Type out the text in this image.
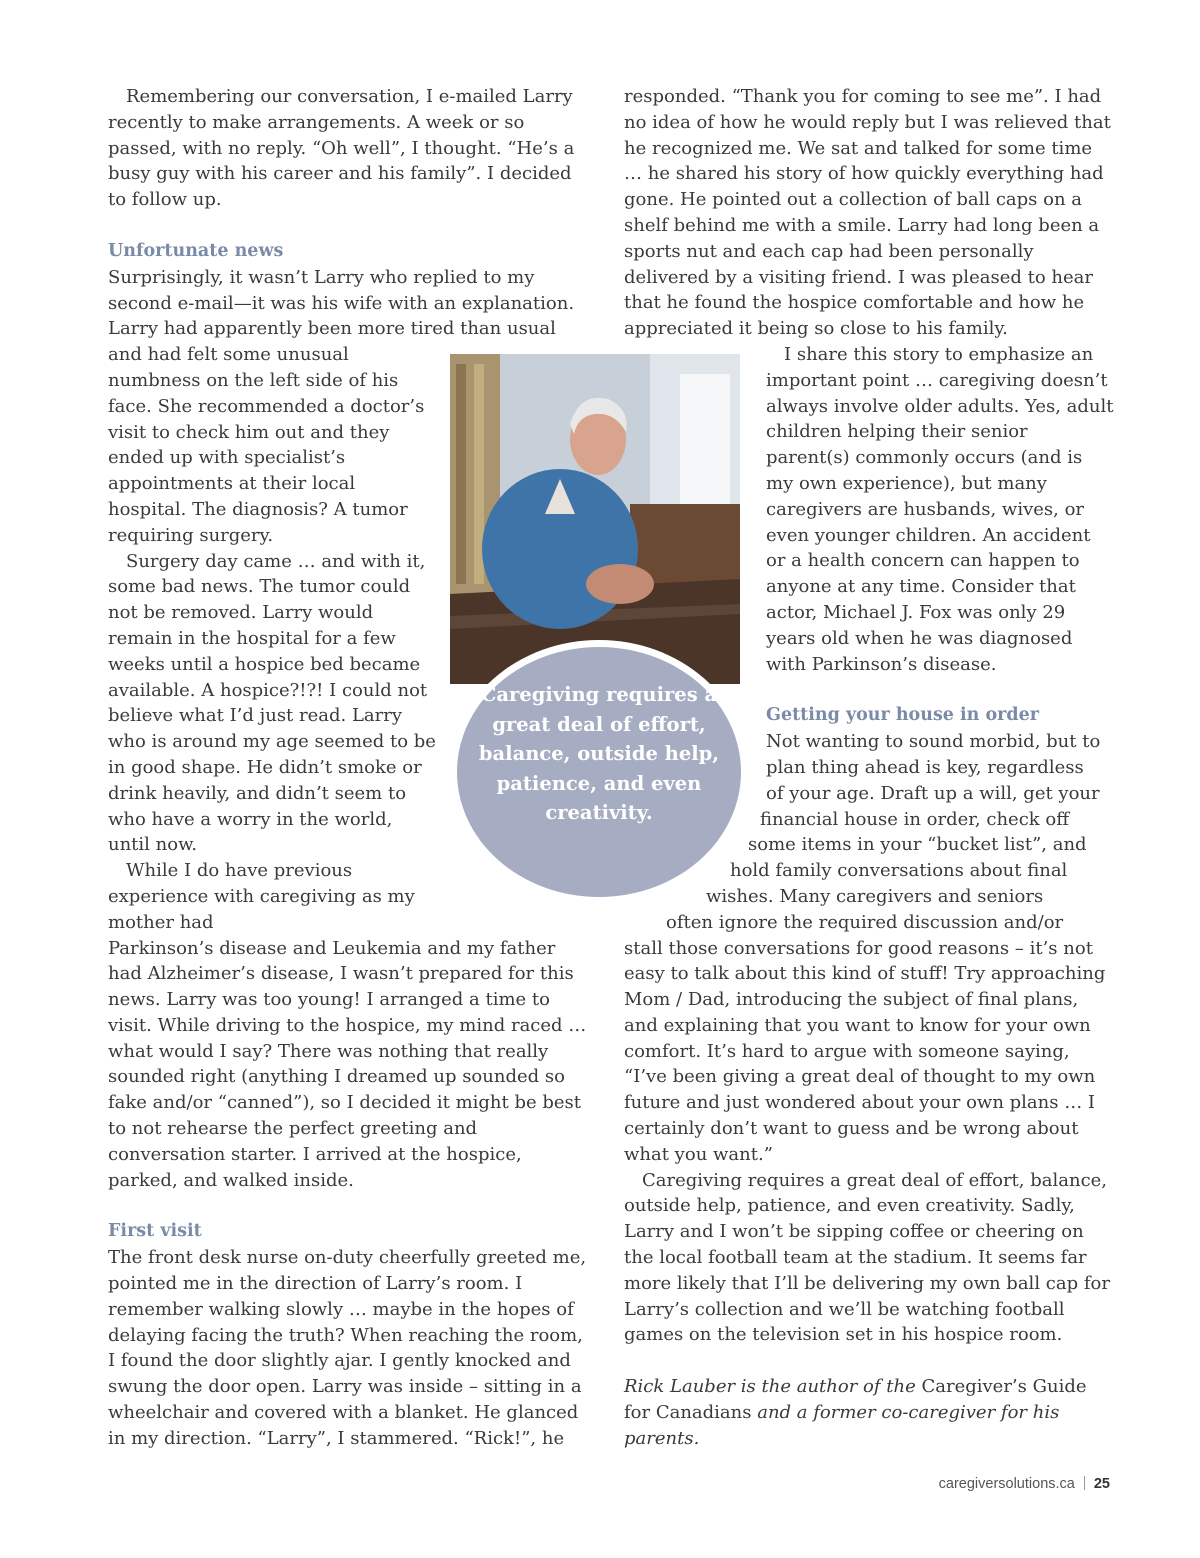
Remembering our conversation, I e-mailed Larry recently to make arrangements. A week or so passed, with no reply. “Oh well”, I thought. “He’s a busy guy with his career and his family”. I decided to follow up.

Unfortunate news

Surprisingly, it wasn’t Larry who replied to my second e-mail—it was his wife with an explanation. Larry had apparently been more tired than usual

and had felt some unusual numbness on the left side of his face. She recommended a doctor’s visit to check him out and they ended up with specialist’s appointments at their local hospital. The diagnosis? A tumor requiring surgery.

Surgery day came … and with it, some bad news. The tumor could not be removed. Larry would remain in the hospital for a few weeks until a hospice bed became available. A hospice?!?! I could not believe what I’d just read. Larry who is around my age seemed to be in good shape. He didn’t smoke or drink heavily, and didn’t seem to who have a worry in the world, until now.

While I do have previous experience with caregiving as my mother had

Parkinson’s disease and Leukemia and my father had Alzheimer’s disease, I wasn’t prepared for this news. Larry was too young! I arranged a time to visit. While driving to the hospice, my mind raced … what would I say? There was nothing that really sounded right (anything I dreamed up sounded so fake and/or “canned”), so I decided it might be best to not rehearse the perfect greeting and conversation starter. I arrived at the hospice, parked, and walked inside.

First visit

The front desk nurse on-duty cheerfully greeted me, pointed me in the direction of Larry’s room. I remember walking slowly … maybe in the hopes of delaying facing the truth? When reaching the room, I found the door slightly ajar. I gently knocked and swung the door open. Larry was inside – sitting in a wheelchair and covered with a blanket. He glanced in my direction. “Larry”, I stammered. “Rick!”, he

Caregiving requires a great deal of effort, balance, outside help, patience, and even creativity.

responded. “Thank you for coming to see me”. I had no idea of how he would reply but I was relieved that he recognized me. We sat and talked for some time … he shared his story of how quickly everything had gone. He pointed out a collection of ball caps on a shelf behind me with a smile. Larry had long been a sports nut and each cap had been personally delivered by a visiting friend. I was pleased to hear that he found the hospice comfortable and how he appreciated it being so close to his family.

I share this story to emphasize an important point … caregiving doesn’t always involve older adults. Yes, adult children helping their senior parent(s) commonly occurs (and is my own experience), but many caregivers are husbands, wives, or even younger children. An accident or a health concern can happen to anyone at any time. Consider that actor, Michael J. Fox was only 29 years old when he was diagnosed with Parkinson’s disease.

Getting your house in order

Not wanting to sound morbid, but to

plan thing ahead is key, regardless

of your age. Draft up a will, get your

financial house in order, check off

some items in your “bucket list”, and

hold family conversations about final

wishes. Many caregivers and seniors

often ignore the required discussion and/or

stall those conversations for good reasons – it’s not easy to talk about this kind of stuff! Try approaching Mom / Dad, introducing the subject of final plans, and explaining that you want to know for your own comfort. It’s hard to argue with someone saying, “I’ve been giving a great deal of thought to my own future and just wondered about your own plans … I certainly don’t want to guess and be wrong about what you want.”

Caregiving requires a great deal of effort, balance, outside help, patience, and even creativity. Sadly, Larry and I won’t be sipping coffee or cheering on the local football team at the stadium. It seems far more likely that I’ll be delivering my own ball cap for Larry’s collection and we’ll be watching football games on the television set in his hospice room.

Rick Lauber is the author of the Caregiver’s Guide for Canadians and a former co-caregiver for his parents.

caregiversolutions.ca 25
